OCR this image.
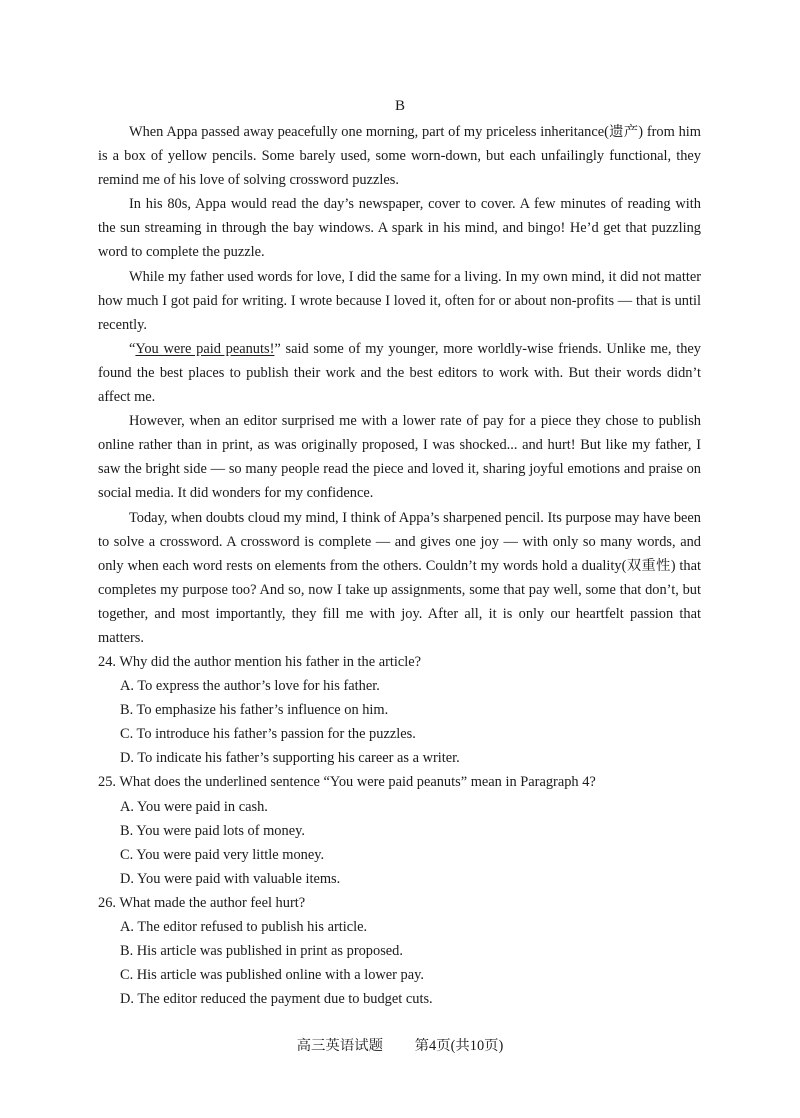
B

When Appa passed away peacefully one morning, part of my priceless inheritance(遗产) from him is a box of yellow pencils. Some barely used, some worn-down, but each unfailingly functional, they remind me of his love of solving crossword puzzles.

In his 80s, Appa would read the day’s newspaper, cover to cover. A few minutes of reading with the sun streaming in through the bay windows. A spark in his mind, and bingo! He’d get that puzzling word to complete the puzzle.

While my father used words for love, I did the same for a living. In my own mind, it did not matter how much I got paid for writing. I wrote because I loved it, often for or about non-profits — that is until recently.

“You were paid peanuts!” said some of my younger, more worldly-wise friends. Unlike me, they found the best places to publish their work and the best editors to work with. But their words didn’t affect me.

However, when an editor surprised me with a lower rate of pay for a piece they chose to publish online rather than in print, as was originally proposed, I was shocked... and hurt! But like my father, I saw the bright side — so many people read the piece and loved it, sharing joyful emotions and praise on social media. It did wonders for my confidence.

Today, when doubts cloud my mind, I think of Appa’s sharpened pencil. Its purpose may have been to solve a crossword. A crossword is complete — and gives one joy — with only so many words, and only when each word rests on elements from the others. Couldn’t my words hold a duality(双重性) that completes my purpose too? And so, now I take up assignments, some that pay well, some that don’t, but together, and most importantly, they fill me with joy. After all, it is only our heartfelt passion that matters.

24. Why did the author mention his father in the article?

A. To express the author’s love for his father.

B. To emphasize his father’s influence on him.

C. To introduce his father’s passion for the puzzles.

D. To indicate his father’s supporting his career as a writer.

25. What does the underlined sentence “You were paid peanuts” mean in Paragraph 4?

A. You were paid in cash.

B. You were paid lots of money.

C. You were paid very little money.

D. You were paid with valuable items.

26. What made the author feel hurt?

A. The editor refused to publish his article.

B. His article was published in print as proposed.

C. His article was published online with a lower pay.

D. The editor reduced the payment due to budget cuts.

高三英语试题 第4页(共10页)
